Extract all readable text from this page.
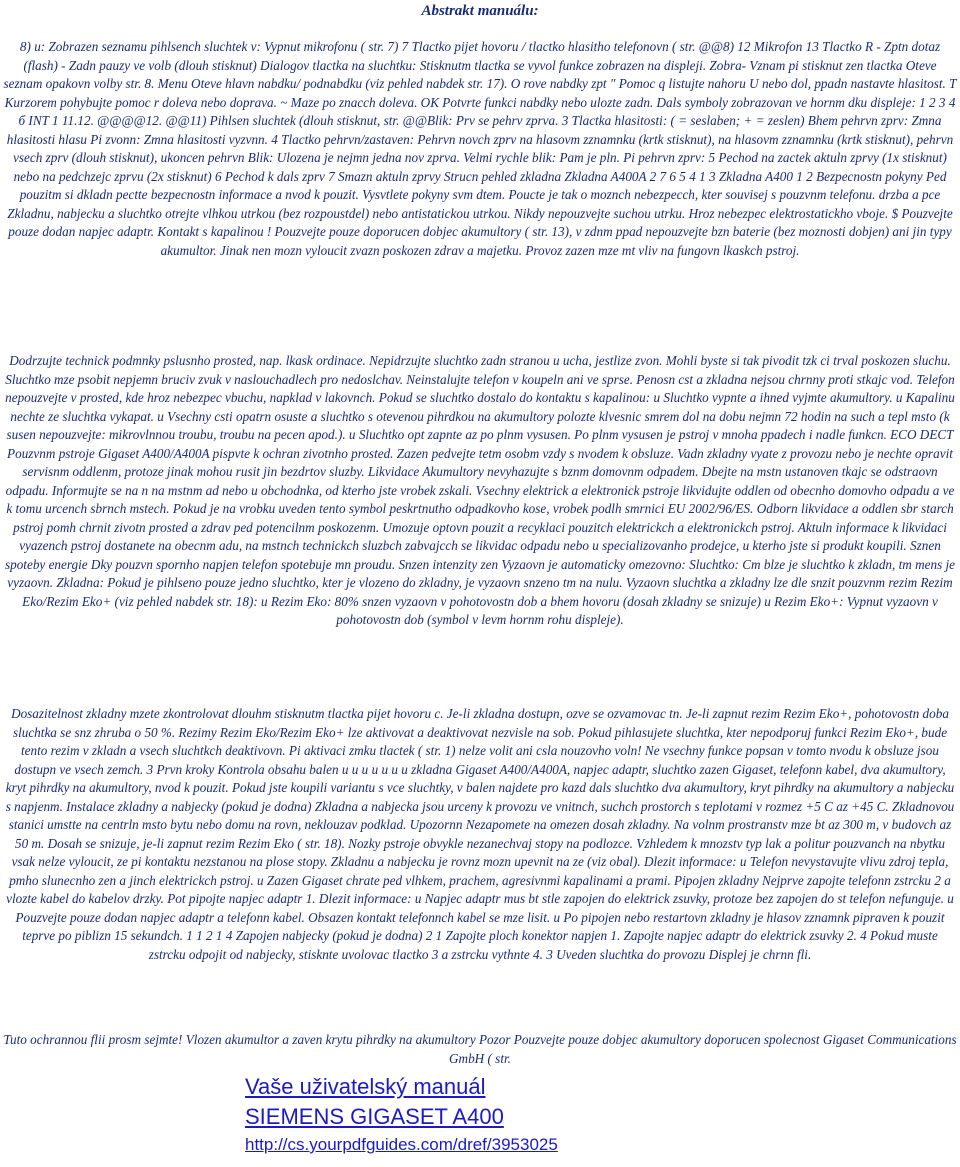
Abstrakt manuálu:

8) u: Zobrazen seznamu pihlsench sluchtek v: Vypnut mikrofonu ( str. 7) 7 Tlactko pijet hovoru / tlactko hlasitho telefonovn ( str. @@8) 12 Mikrofon 13 Tlactko R - Zptn dotaz (flash) - Zadn pauzy ve volb (dlouh stisknut) Dialogov tlactka na sluchtku: Stisknutm tlactka se vyvol funkce zobrazen na displeji. Zobra- Vznam pi stisknut zen tlactka Oteve seznam opakovn volby str. 8. Menu Oteve hlavn nabdku/ podnabdku (viz pehled nabdek str. 17). O rove nabdky zpt " Pomoc q listujte nahoru U nebo dol, ppadn nastavte hlasitost. T Kurzorem pohybujte pomoc r doleva nebo doprava. ~ Maze po znacch doleva. OK Potvrte funkci nabdky nebo ulozte zadn. Dals symboly zobrazovan ve hornm dku displeje: 1 2 3 4 б INT 1 11.12. @@@@12. @@11) Pihlsen sluchtek (dlouh stisknut, str. @@Blik: Prv se pehrv zprva. 3 Tlactka hlasitosti: ( = seslaben; + = zeslen) Bhem pehrvn zprv: Zmna hlasitosti hlasu Pi zvonn: Zmna hlasitosti vyzvnn. 4 Tlactko pehrvn/zastaven: Pehrvn novch zprv na hlasovm zznamnku (krtk stisknut), na hlasovm zznamnku (krtk stisknut), pehrvn vsech zprv (dlouh stisknut), ukoncen pehrvn Blik: Ulozena je nejmn jedna nov zprva. Velmi rychle blik: Pam je pln. Pi pehrvn zprv: 5 Pechod na zactek aktuln zprvy (1x stisknut) nebo na pedchzejc zprvu (2x stisknut) 6 Pechod k dals zprv 7 Smazn aktuln zprvy Strucn pehled zkladna Zkladna A400A 2 7 6 5 4 1 3 Zkladna A400 1 2 Bezpecnostn pokyny Ped pouzitm si dkladn pectte bezpecnostn informace a nvod k pouzit. Vysvtlete pokyny svm dtem. Poucte je tak o moznch nebezpecch, kter souvisej s pouzvnm telefonu. drzba a pce Zkladnu, nabjecku a sluchtko otrejte vlhkou utrkou (bez rozpoustdel) nebo antistatickou utrkou. Nikdy nepouzvejte suchou utrku. Hroz nebezpec elektrostatickho vboje. $ Pouzvejte pouze dodan napjec adaptr. Kontakt s kapalinou ! Pouzvejte pouze doporucen dobjec akumultory ( str. 13), v zdnm ppad nepouzvejte bzn baterie (bez moznosti dobjen) ani jin typy akumultor. Jinak nen mozn vyloucit zvazn poskozen zdrav a majetku. Provoz zazen mze mt vliv na fungovn lkaskch pstroj.

Dodrzujte technick podmnky pslusnho prosted, nap. lkask ordinace. Nepidrzujte sluchtko zadn stranou u ucha, jestlize zvon. Mohli byste si tak pivodit tzk ci trval poskozen sluchu. Sluchtko mze psobit nepjemn bruciv zvuk v naslouchadlech pro nedoslchav. Neinstalujte telefon v koupeln ani ve sprse. Penosn cst a zkladna nejsou chrnny proti stkajc vod. Telefon nepouzvejte v prosted, kde hroz nebezpec vbuchu, napklad v lakovnch. Pokud se sluchtko dostalo do kontaktu s kapalinou: u Sluchtko vypnte a ihned vyjmte akumultory. u Kapalinu nechte ze sluchtka vykapat. u Vsechny csti opatrn osuste a sluchtko s otevenou pihrdkou na akumultory polozte klvesnic smrem dol na dobu nejmn 72 hodin na such a tepl msto (k susen nepouzvejte: mikrovlnnou troubu, troubu na pecen apod.). u Sluchtko opt zapnte az po plnm vysusen. Po plnm vysusen je pstroj v mnoha ppadech i nadle funkcn. ECO DECT Pouzvnm pstroje Gigaset A400/A400A pispvte k ochran zivotnho prosted. Zazen pedvejte tetm osobm vzdy s nvodem k obsluze. Vadn zkladny vyate z provozu nebo je nechte opravit servisnm oddlenm, protoze jinak mohou rusit jin bezdrtov sluzby. Likvidace Akumultory nevyhazujte s bznm domovnm odpadem. Dbejte na mstn ustanoven tkajc se odstraovn odpadu. Informujte se na n na mstnm ad nebo u obchodnka, od kterho jste vrobek zskali. Vsechny elektrick a elektronick pstroje likvidujte oddlen od obecnho domovho odpadu a ve k tomu urcench sbrnch mstech. Pokud je na vrobku uveden tento symbol peskrtnutho odpadkovho kose, vrobek podlh smrnici EU 2002/96/ES. Odborn likvidace a oddlen sbr starch pstroj pomh chrnit zivotn prosted a zdrav ped potencilnm poskozenm. Umozuje optovn pouzit a recyklaci pouzitch elektrickch a elektronickch pstroj. Aktuln informace k likvidaci vyazench pstroj dostanete na obecnm adu, na mstnch technickch sluzbch zabvajcch se likvidac odpadu nebo u specializovanho prodejce, u kterho jste si produkt koupili. Sznen spoteby energie Dky pouzvn spornho napjen telefon spotebuje mn proudu. Snzen intenzity zen Vyzaovn je automaticky omezovno: Sluchtko: Cm blze je sluchtko k zkladn, tm mens je vyzaovn. Zkladna: Pokud je pihlseno pouze jedno sluchtko, kter je vlozeno do zkladny, je vyzaovn snzeno tm na nulu. Vyzaovn sluchtka a zkladny lze dle snzit pouzvnm rezim Rezim Eko/Rezim Eko+ (viz pehled nabdek str. 18): u Rezim Eko: 80% snzen vyzaovn v pohotovostn dob a bhem hovoru (dosah zkladny se snizuje) u Rezim Eko+: Vypnut vyzaovn v pohotovostn dob (symbol v levm hornm rohu displeje).

Dosazitelnost zkladny mzete zkontrolovat dlouhm stisknutm tlactka pijet hovoru c. Je-li zkladna dostupn, ozve se ozvamovac tn. Je-li zapnut rezim Rezim Eko+, pohotovostn doba sluchtka se snz zhruba o 50 %. Rezimy Rezim Eko/Rezim Eko+ lze aktivovat a deaktivovat nezvisle na sob. Pokud pihlasujete sluchtka, kter nepodporuj funkci Rezim Eko+, bude tento rezim v zkladn a vsech sluchtkch deaktivovn. Pi aktivaci zmku tlactek ( str. 1) nelze volit ani csla nouzovho voln! Ne vsechny funkce popsan v tomto nvodu k obsluze jsou dostupn ve vsech zemch. 3 Prvn kroky Kontrola obsahu balen u u u u u u u zkladna Gigaset A400/A400A, napjec adaptr, sluchtko zazen Gigaset, telefonn kabel, dva akumultory, kryt pihrdky na akumultory, nvod k pouzit. Pokud jste koupili variantu s vce sluchtky, v balen najdete pro kazd dals sluchtko dva akumultory, kryt pihrdky na akumultory a nabjecku s napjenm. Instalace zkladny a nabjecky (pokud je dodna) Zkladna a nabjecka jsou urceny k provozu ve vnitnch, suchch prostorch s teplotami v rozmez +5 C az +45 C. Zkladnovou stanici umstte na centrln msto bytu nebo domu na rovn, neklouzav podklad. Upozornn Nezapomete na omezen dosah zkladny. Na volnm prostranstv mze bt az 300 m, v budovch az 50 m. Dosah se snizuje, je-li zapnut rezim Rezim Eko ( str. 18). Nozky pstroje obvykle nezanechvaj stopy na podlozce. Vzhledem k mnozstv typ lak a politur pouzvanch na nbytku vsak nelze vyloucit, ze pi kontaktu nezstanou na plose stopy. Zkladnu a nabjecku je rovnz mozn upevnit na ze (viz obal). Dlezit informace: u Telefon nevystavujte vlivu zdroj tepla, pmho slunecnho zen a jinch elektrickch pstroj. u Zazen Gigaset chrate ped vlhkem, prachem, agresivnmi kapalinami a prami. Pipojen zkladny Nejprve zapojte telefonn zstrcku 2 a vlozte kabel do kabelov drzky. Pot pipojte napjec adaptr 1. Dlezit informace: u Napjec adaptr mus bt stle zapojen do elektrick zsuvky, protoze bez zapojen do st telefon nefunguje. u Pouzvejte pouze dodan napjec adaptr a telefonn kabel. Obsazen kontakt telefonnch kabel se mze lisit. u Po pipojen nebo restartovn zkladny je hlasov zznamnk pipraven k pouzit teprve po piblizn 15 sekundch. 1 1 2 1 4 Zapojen nabjecky (pokud je dodna) 2 1 Zapojte ploch konektor napjen 1. Zapojte napjec adaptr do elektrick zsuvky 2. 4 Pokud muste zstrcku odpojit od nabjecky, stisknte uvolovac tlactko 3 a zstrcku vythnte 4. 3 Uveden sluchtka do provozu Displej je chrnn fli.

Tuto ochrannou flii prosm sejmte! Vlozen akumultor a zaven krytu pihrdky na akumultory Pozor Pouzvejte pouze dobjec akumultory doporucen spolecnost Gigaset Communications GmbH ( str.

Vaše uživatelský manuál
SIEMENS GIGASET A400
http://cs.yourpdfguides.com/dref/3953025
